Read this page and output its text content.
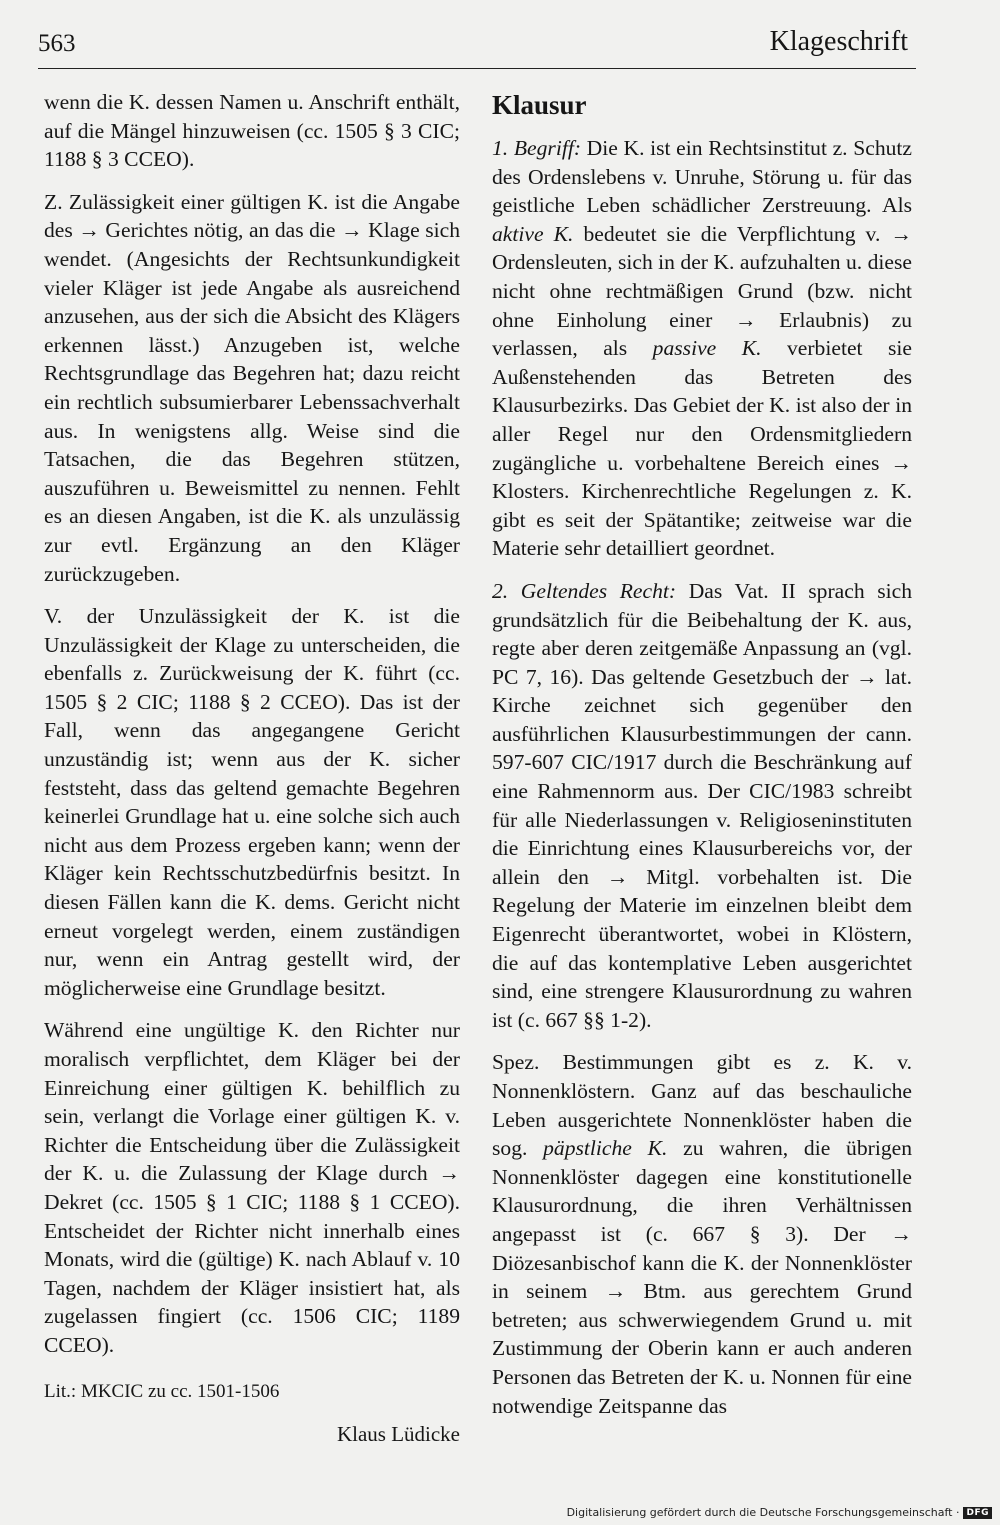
563	Klageschrift

wenn die K. dessen Namen u. Anschrift enthält, auf die Mängel hinzuweisen (cc. 1505 § 3 CIC; 1188 § 3 CCEO).

Z. Zulässigkeit einer gültigen K. ist die Angabe des → Gerichtes nötig, an das die → Klage sich wendet. (Angesichts der Rechtsunkundigkeit vieler Kläger ist jede Angabe als ausreichend anzusehen, aus der sich die Absicht des Klägers erkennen lässt.) Anzugeben ist, welche Rechtsgrundlage das Begehren hat; dazu reicht ein rechtlich subsumierbarer Lebenssachverhalt aus. In wenigstens allg. Weise sind die Tatsachen, die das Begehren stützen, auszuführen u. Beweismittel zu nennen. Fehlt es an diesen Angaben, ist die K. als unzulässig zur evtl. Ergänzung an den Kläger zurückzugeben.

V. der Unzulässigkeit der K. ist die Unzulässigkeit der Klage zu unterscheiden, die ebenfalls z. Zurückweisung der K. führt (cc. 1505 § 2 CIC; 1188 § 2 CCEO). Das ist der Fall, wenn das angegangene Gericht unzuständig ist; wenn aus der K. sicher feststeht, dass das geltend gemachte Begehren keinerlei Grundlage hat u. eine solche sich auch nicht aus dem Prozess ergeben kann; wenn der Kläger kein Rechtsschutzbedürfnis besitzt. In diesen Fällen kann die K. dems. Gericht nicht erneut vorgelegt werden, einem zuständigen nur, wenn ein Antrag gestellt wird, der möglicherweise eine Grundlage besitzt.

Während eine ungültige K. den Richter nur moralisch verpflichtet, dem Kläger bei der Einreichung einer gültigen K. behilflich zu sein, verlangt die Vorlage einer gültigen K. v. Richter die Entscheidung über die Zulässigkeit der K. u. die Zulassung der Klage durch → Dekret (cc. 1505 § 1 CIC; 1188 § 1 CCEO). Entscheidet der Richter nicht innerhalb eines Monats, wird die (gültige) K. nach Ablauf v. 10 Tagen, nachdem der Kläger insistiert hat, als zugelassen fingiert (cc. 1506 CIC; 1189 CCEO).

Lit.: MKCIC zu cc. 1501-1506

Klaus Lüdicke

Klausur

1. Begriff: Die K. ist ein Rechtsinstitut z. Schutz des Ordenslebens v. Unruhe, Störung u. für das geistliche Leben schädlicher Zerstreuung. Als aktive K. bedeutet sie die Verpflichtung v. → Ordensleuten, sich in der K. aufzuhalten u. diese nicht ohne rechtmäßigen Grund (bzw. nicht ohne Einholung einer → Erlaubnis) zu verlassen, als passive K. verbietet sie Außenstehenden das Betreten des Klausurbezirks. Das Gebiet der K. ist also der in aller Regel nur den Ordensmitgliedern zugängliche u. vorbehaltene Bereich eines → Klosters. Kirchenrechtliche Regelungen z. K. gibt es seit der Spätantike; zeitweise war die Materie sehr detailliert geordnet.

2. Geltendes Recht: Das Vat. II sprach sich grundsätzlich für die Beibehaltung der K. aus, regte aber deren zeitgemäße Anpassung an (vgl. PC 7, 16). Das geltende Gesetzbuch der → lat. Kirche zeichnet sich gegenüber den ausführlichen Klausurbestimmungen der cann. 597-607 CIC/1917 durch die Beschränkung auf eine Rahmennorm aus. Der CIC/1983 schreibt für alle Niederlassungen v. Religioseninstituten die Einrichtung eines Klausurbereichs vor, der allein den → Mitgl. vorbehalten ist. Die Regelung der Materie im einzelnen bleibt dem Eigenrecht überantwortet, wobei in Klöstern, die auf das kontemplative Leben ausgerichtet sind, eine strengere Klausurordnung zu wahren ist (c. 667 §§ 1-2).

Spez. Bestimmungen gibt es z. K. v. Nonnenklöstern. Ganz auf das beschauliche Leben ausgerichtete Nonnenklöster haben die sog. päpstliche K. zu wahren, die übrigen Nonnenklöster dagegen eine konstitutionelle Klausurordnung, die ihren Verhältnissen angepasst ist (c. 667 § 3). Der → Diözesanbischof kann die K. der Nonnenklöster in seinem → Btm. aus gerechtem Grund betreten; aus schwerwiegendem Grund u. mit Zustimmung der Oberin kann er auch anderen Personen das Betreten der K. u. Nonnen für eine notwendige Zeitspanne das

Digitalisierung gefördert durch die Deutsche Forschungsgemeinschaft · DFG
